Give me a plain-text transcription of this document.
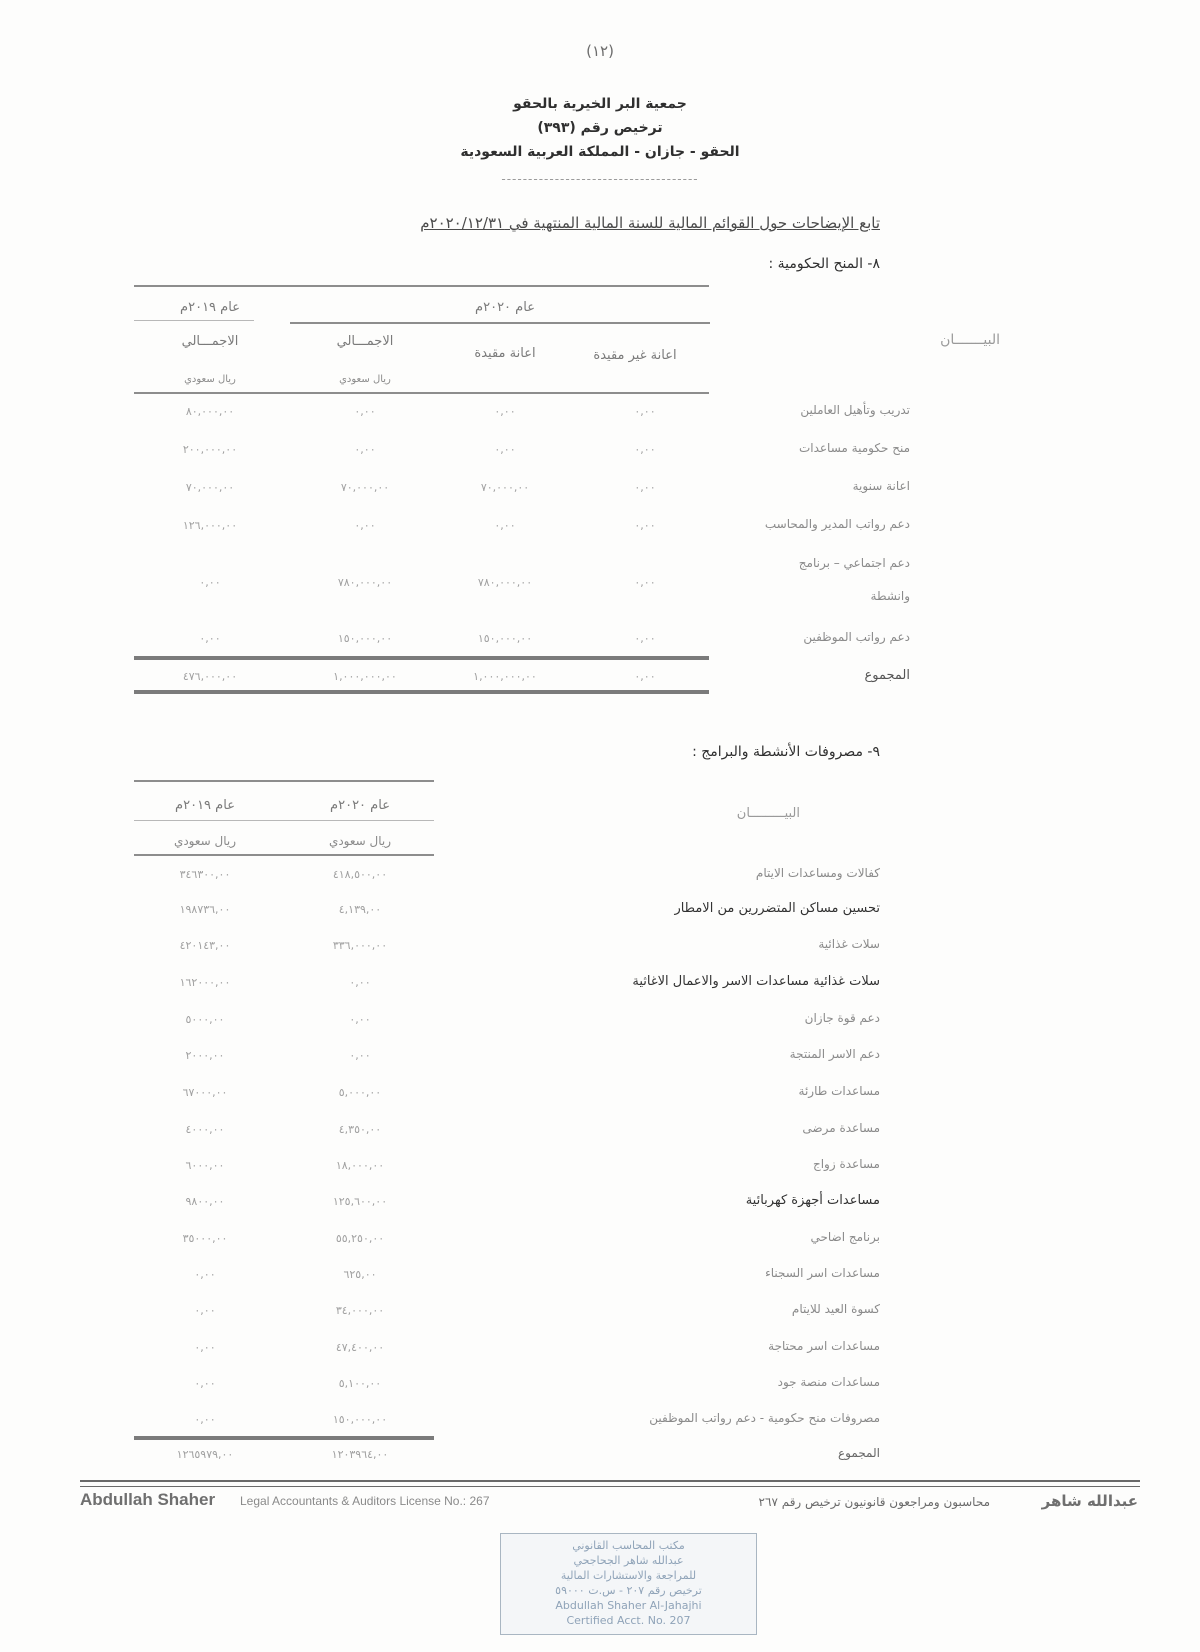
(١٢)
جمعية البر الخيرية بالحقو
ترخيص رقم (٣٩٣)
الحقو - جازان - المملكة العربية السعودية
-------------------------------------
تابع الإيضاحات حول القوائم المالية للسنة المالية المنتهية في ٢٠٢٠/١٢/٣١م
٨- المنح الحكومية :
عام ٢٠٢٠م
عام ٢٠١٩م
البيـــــــان
اعانة غير مقيدة
اعانة مقيدة
الاجمـــالي
الاجمـــالي
ريال سعودي
ريال سعودي
تدريب وتأهيل العاملين
٠,٠٠
٠,٠٠
٠,٠٠
٨٠,٠٠٠,٠٠
منح حكومية مساعدات
٠,٠٠
٠,٠٠
٠,٠٠
٢٠٠,٠٠٠,٠٠
اعانة سنوية
٠,٠٠
٧٠,٠٠٠,٠٠
٧٠,٠٠٠,٠٠
٧٠,٠٠٠,٠٠
دعم رواتب المدير والمحاسب
٠,٠٠
٠,٠٠
٠,٠٠
١٢٦,٠٠٠,٠٠
دعم اجتماعي – برنامج
وانشطة
٠,٠٠
٧٨٠,٠٠٠,٠٠
٧٨٠,٠٠٠,٠٠
٠,٠٠
دعم رواتب الموظفين
٠,٠٠
١٥٠,٠٠٠,٠٠
١٥٠,٠٠٠,٠٠
٠,٠٠
المجموع
٠,٠٠
١,٠٠٠,٠٠٠,٠٠
١,٠٠٠,٠٠٠,٠٠
٤٧٦,٠٠٠,٠٠
٩- مصروفات الأنشطة والبرامج :
البيـــــــــان
عام ٢٠٢٠م
عام ٢٠١٩م
ريال سعودي
ريال سعودي
كفالات ومساعدات الايتام
٤١٨,٥٠٠,٠٠
٣٤٦٣٠٠,٠٠
تحسين مساكن المتضررين من الامطار
٤,١٣٩,٠٠
١٩٨٧٣٦,٠٠
سلات غذائية
٣٣٦,٠٠٠,٠٠
٤٢٠١٤٣,٠٠
سلات غذائية مساعدات الاسر والاعمال الاغاثية
٠,٠٠
١٦٢٠٠٠,٠٠
دعم قوة جازان
٠,٠٠
٥٠٠٠,٠٠
دعم الاسر المنتجة
٠,٠٠
٢٠٠٠,٠٠
مساعدات طارئة
٥,٠٠٠,٠٠
٦٧٠٠٠,٠٠
مساعدة مرضى
٤,٣٥٠,٠٠
٤٠٠٠,٠٠
مساعدة زواج
١٨,٠٠٠,٠٠
٦٠٠٠,٠٠
مساعدات أجهزة كهربائية
١٢٥,٦٠٠,٠٠
٩٨٠٠,٠٠
برنامج اضاحي
٥٥,٢٥٠,٠٠
٣٥٠٠٠,٠٠
مساعدات اسر السجناء
٦٢٥,٠٠
٠,٠٠
كسوة العيد للايتام
٣٤,٠٠٠,٠٠
٠,٠٠
مساعدات اسر محتاجة
٤٧,٤٠٠,٠٠
٠,٠٠
مساعدات منصة جود
٥,١٠٠,٠٠
٠,٠٠
مصروفات منح حكومية - دعم رواتب الموظفين
١٥٠,٠٠٠,٠٠
٠,٠٠
المجموع
١٢٠٣٩٦٤,٠٠
١٢٦٥٩٧٩,٠٠
مكتب المحاسب القانوني
عبدالله شاهر الجحاجحي
للمراجعة والاستشارات المالية
ترخيص رقم ٢٠٧ - س.ت ٥٩٠٠٠
Abdullah Shaher Al-Jahajhi
Certified Acct. No. 207
Abdullah Shaher Legal Accountants & Auditors License No.: 267	عبدالله شاهر
محاسبون ومراجعون قانونيون ترخيص رقم ٢٦٧
